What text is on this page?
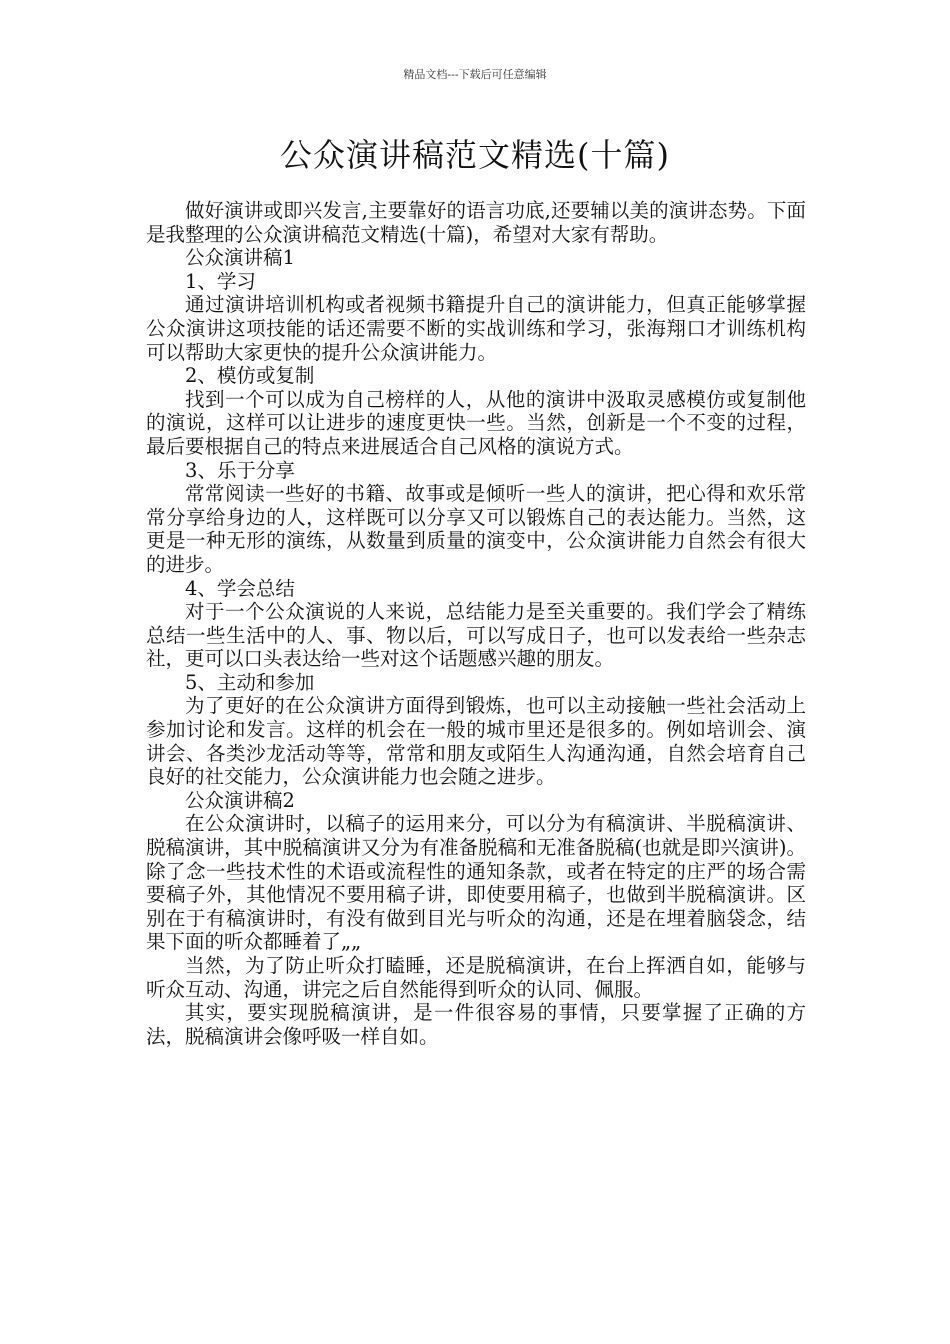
精品文档---下载后可任意编辑
公众演讲稿范文精选(十篇)

做好演讲或即兴发言,主要靠好的语言功底,还要辅以美的演讲态势。下面是我整理的公众演讲稿范文精选(十篇)，希望对大家有帮助。

公众演讲稿1

1、学习

通过演讲培训机构或者视频书籍提升自己的演讲能力，但真正能够掌握公众演讲这项技能的话还需要不断的实战训练和学习，张海翔口才训练机构可以帮助大家更快的提升公众演讲能力。

2、模仿或复制

找到一个可以成为自己榜样的人，从他的演讲中汲取灵感模仿或复制他的演说，这样可以让进步的速度更快一些。当然，创新是一个不变的过程，最后要根据自己的特点来进展适合自己风格的演说方式。

3、乐于分享

常常阅读一些好的书籍、故事或是倾听一些人的演讲，把心得和欢乐常常分享给身边的人，这样既可以分享又可以锻炼自己的表达能力。当然，这更是一种无形的演练，从数量到质量的演变中，公众演讲能力自然会有很大的进步。

4、学会总结

对于一个公众演说的人来说，总结能力是至关重要的。我们学会了精练总结一些生活中的人、事、物以后，可以写成日子，也可以发表给一些杂志社，更可以口头表达给一些对这个话题感兴趣的朋友。

5、主动和参加

为了更好的在公众演讲方面得到锻炼，也可以主动接触一些社会活动上参加讨论和发言。这样的机会在一般的城市里还是很多的。例如培训会、演讲会、各类沙龙活动等等，常常和朋友或陌生人沟通沟通，自然会培育自己良好的社交能力，公众演讲能力也会随之进步。

公众演讲稿2

在公众演讲时，以稿子的运用来分，可以分为有稿演讲、半脱稿演讲、脱稿演讲，其中脱稿演讲又分为有准备脱稿和无准备脱稿(也就是即兴演讲)。除了念一些技术性的术语或流程性的通知条款，或者在特定的庄严的场合需要稿子外，其他情况不要用稿子讲，即使要用稿子，也做到半脱稿演讲。区别在于有稿演讲时，有没有做到目光与听众的沟通，还是在埋着脑袋念，结果下面的听众都睡着了„„

当然，为了防止听众打瞌睡，还是脱稿演讲，在台上挥洒自如，能够与听众互动、沟通，讲完之后自然能得到听众的认同、佩服。

其实，要实现脱稿演讲，是一件很容易的事情，只要掌握了正确的方法，脱稿演讲会像呼吸一样自如。
